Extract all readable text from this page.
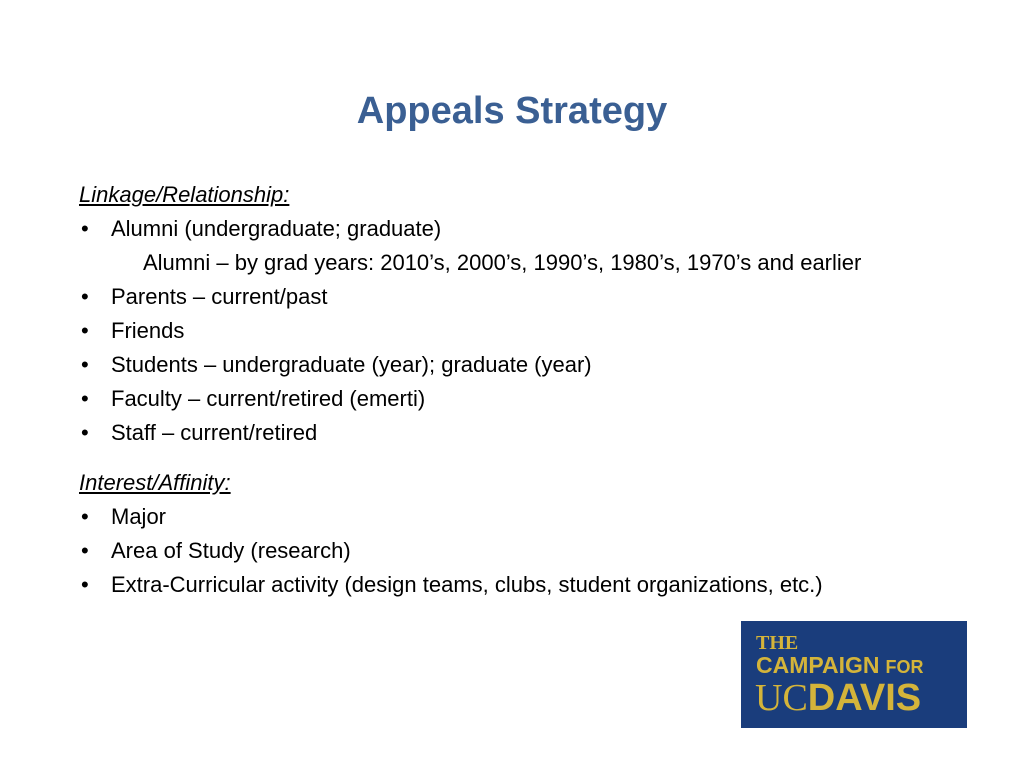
Appeals Strategy

Linkage/Relationship:

• Alumni (undergraduate; graduate)
Alumni – by grad years: 2010’s, 2000’s, 1990’s, 1980’s, 1970’s and earlier
• Parents – current/past
• Friends
• Students – undergraduate (year); graduate (year)
• Faculty – current/retired (emerti)
• Staff – current/retired

Interest/Affinity:

• Major
• Area of Study (research)
• Extra-Curricular activity (design teams, clubs, student organizations, etc.)
THE
CAMPAIGN FOR
UCDAVIS
